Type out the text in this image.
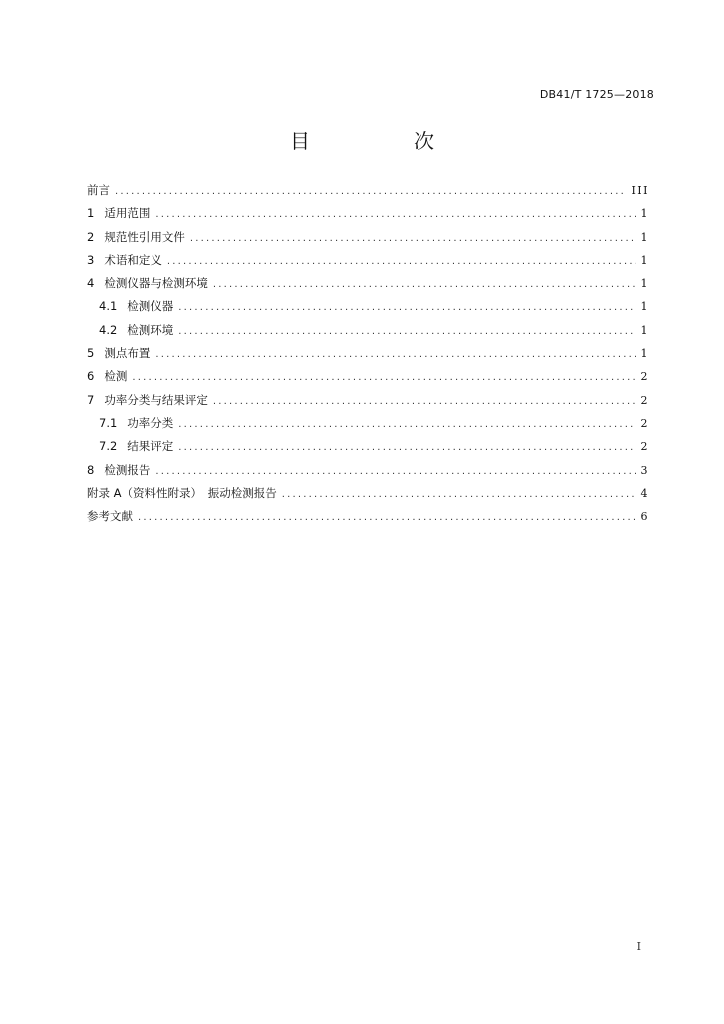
DB41/T 1725—2018
目　次
前言 .....	III
1 适用范围 .....	1
2 规范性引用文件 .....	1
3 术语和定义 .....	1
4 检测仪器与检测环境 .....	1
4.1 检测仪器 .....	1
4.2 检测环境 .....	1
5 测点布置 .....	1
6 检测 .....	2
7 功率分类与结果评定 .....	2
7.1 功率分类 .....	2
7.2 结果评定 .....	2
8 检测报告 .....	3
附录 A（资料性附录）　振动检测报告 .....	4
参考文献 .....	6
I
